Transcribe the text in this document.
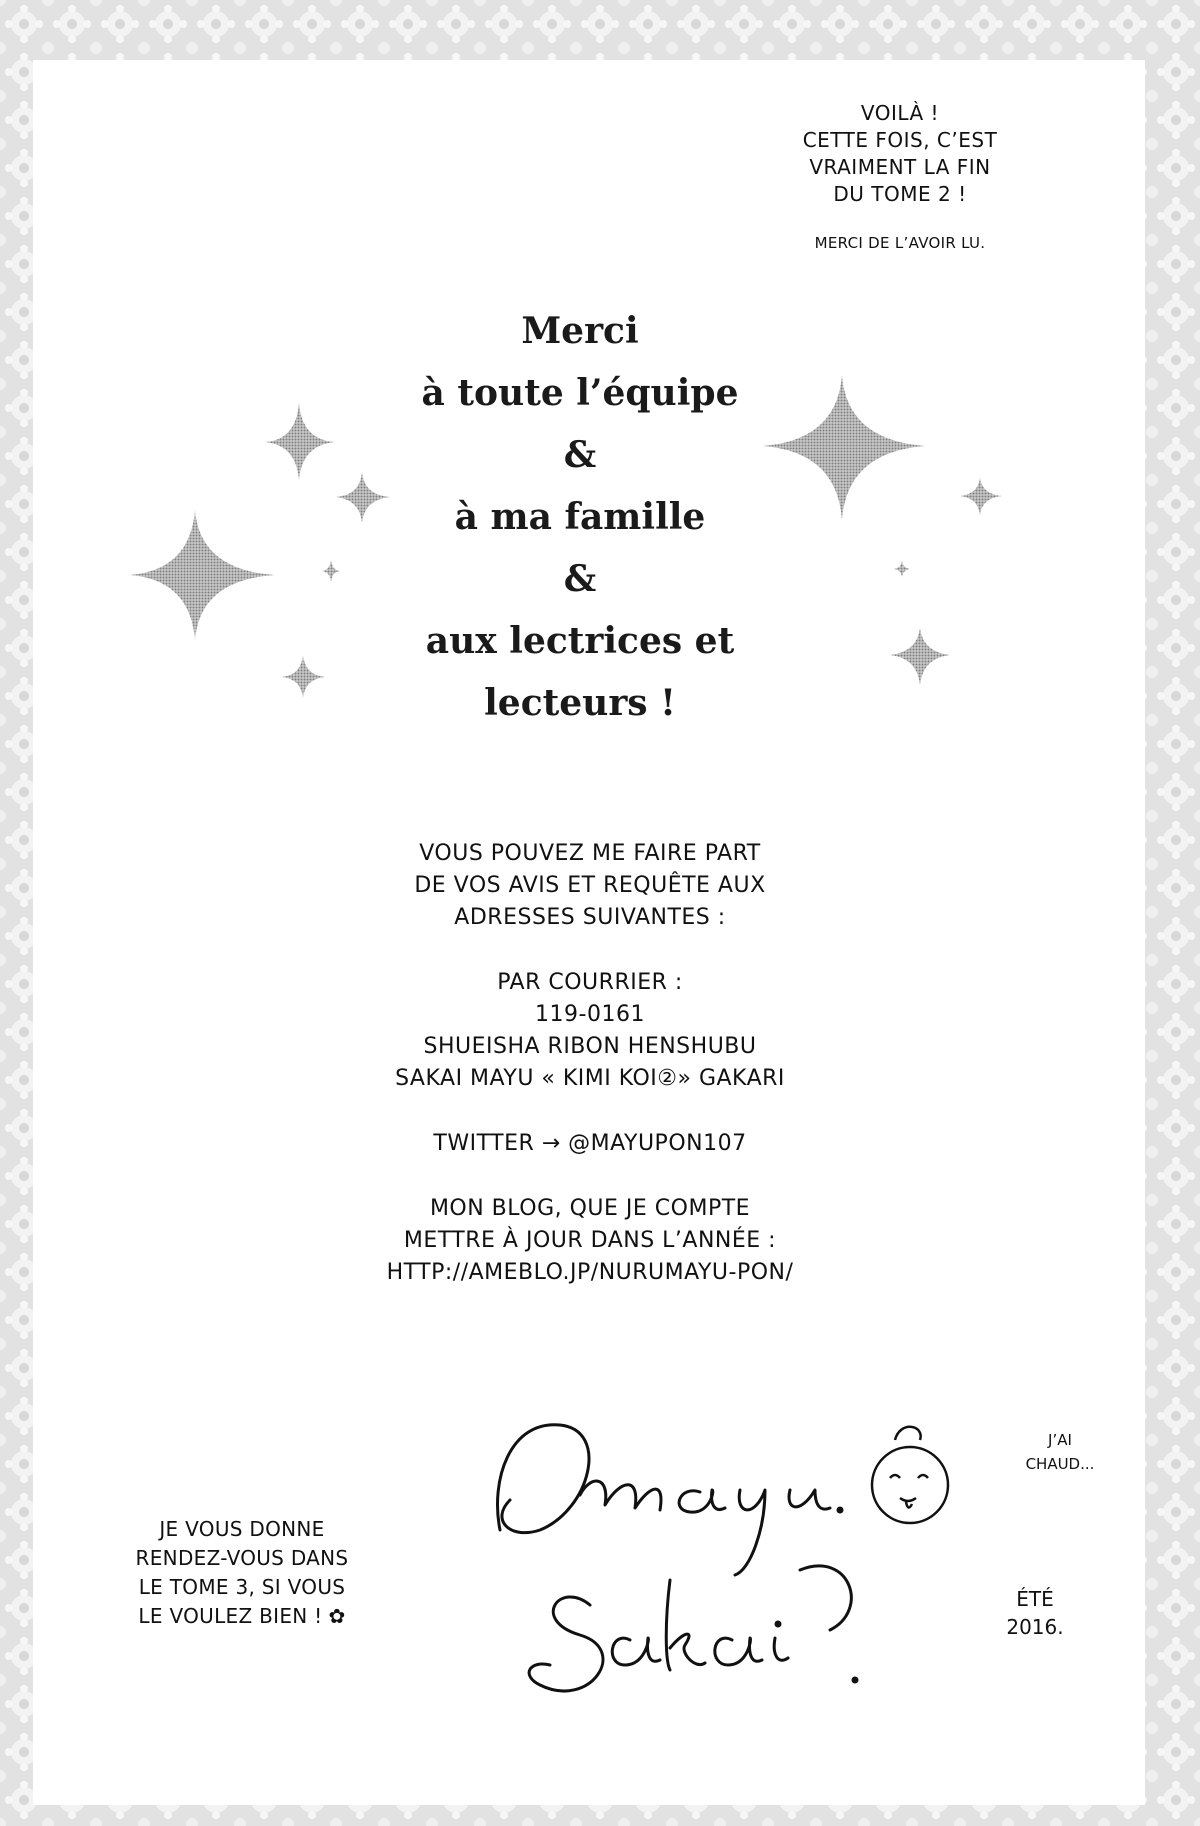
VOILÀ !
CETTE FOIS, C’EST
VRAIMENT LA FIN
DU TOME 2 !
MERCI DE L’AVOIR LU.
Merci
à toute l’équipe
&
à ma famille
&
aux lectrices et
lecteurs !
VOUS POUVEZ ME FAIRE PART
DE VOS AVIS ET REQUÊTE AUX
ADRESSES SUIVANTES :
PAR COURRIER :
119-0161
SHUEISHA RIBON HENSHUBU
SAKAI MAYU « KIMI KOI②» GAKARI
TWITTER → @MAYUPON107
MON BLOG, QUE JE COMPTE
METTRE À JOUR DANS L’ANNÉE :
HTTP://AMEBLO.JP/NURUMAYU-PON/
J’AI
CHAUD...
ÉTÉ
2016.
JE VOUS DONNE
RENDEZ-VOUS DANS
LE TOME 3, SI VOUS
LE VOULEZ BIEN ! ✿
